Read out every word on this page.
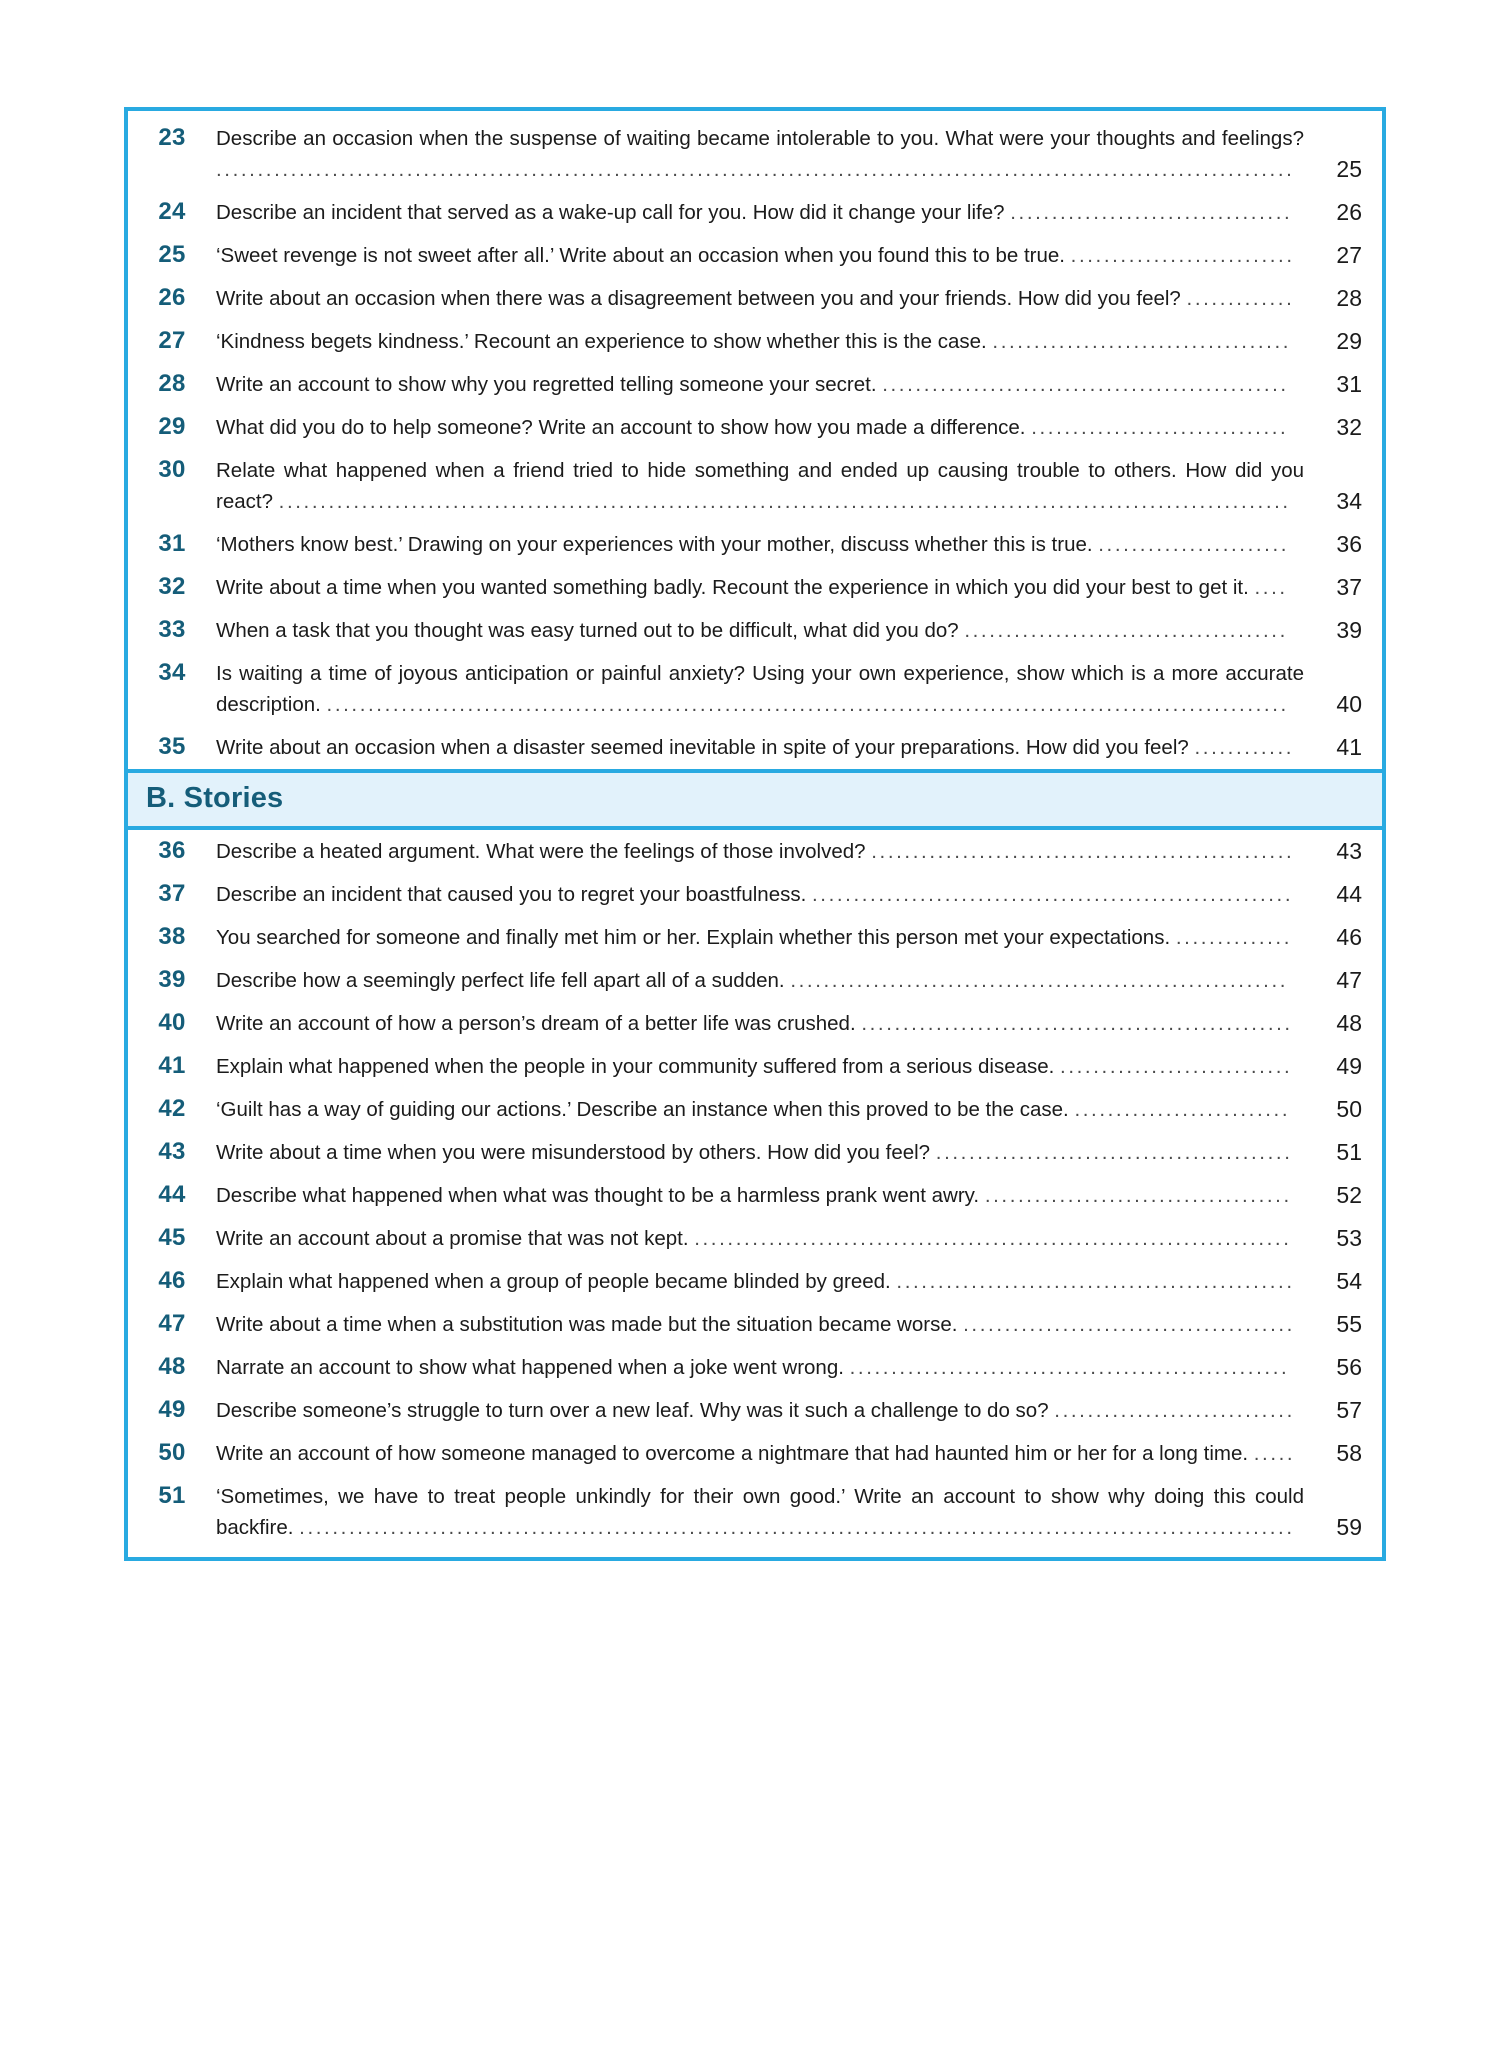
23	Describe an occasion when the suspense of waiting became intolerable to you. What were your thoughts and feelings? ..................................................................................................................................	25
24	Describe an incident that served as a wake-up call for you. How did it change your life? ..................................	26
25	‘Sweet revenge is not sweet after all.’ Write about an occasion when you found this to be true. ...........................	27
26	Write about an occasion when there was a disagreement between you and your friends. How did you feel? .............	28
27	‘Kindness begets kindness.’ Recount an experience to show whether this is the case. ....................................	29
28	Write an account to show why you regretted telling someone your secret. .................................................	31
29	What did you do to help someone? Write an account to show how you made a difference. ...............................	32
30	Relate what happened when a friend tried to hide something and ended up causing trouble to others. How did you react? ..........................................................................................................................	34
31	‘Mothers know best.’ Drawing on your experiences with your mother, discuss whether this is true. .......................	36
32	Write about a time when you wanted something badly. Recount the experience in which you did your best to get it. ....	37
33	When a task that you thought was easy turned out to be difficult, what did you do? .......................................	39
34	Is waiting a time of joyous anticipation or painful anxiety? Using your own experience, show which is a more accurate description. ....................................................................................................................	40
35	Write about an occasion when a disaster seemed inevitable in spite of your preparations. How did you feel? ............	41
B. Stories
36	Describe a heated argument. What were the feelings of those involved? ...................................................	43
37	Describe an incident that caused you to regret your boastfulness. ..........................................................	44
38	You searched for someone and finally met him or her. Explain whether this person met your expectations. ..............	46
39	Describe how a seemingly perfect life fell apart all of a sudden. ............................................................	47
40	Write an account of how a person’s dream of a better life was crushed. ....................................................	48
41	Explain what happened when the people in your community suffered from a serious disease. ............................	49
42	‘Guilt has a way of guiding our actions.’ Describe an instance when this proved to be the case. ..........................	50
43	Write about a time when you were misunderstood by others. How did you feel? ...........................................	51
44	Describe what happened when what was thought to be a harmless prank went awry. .....................................	52
45	Write an account about a promise that was not kept. ........................................................................	53
46	Explain what happened when a group of people became blinded by greed. ................................................	54
47	Write about a time when a substitution was made but the situation became worse. ........................................	55
48	Narrate an account to show what happened when a joke went wrong. .....................................................	56
49	Describe someone’s struggle to turn over a new leaf. Why was it such a challenge to do so? .............................	57
50	Write an account of how someone managed to overcome a nightmare that had haunted him or her for a long time. .....	58
51	‘Sometimes, we have to treat people unkindly for their own good.’ Write an account to show why doing this could backfire. ........................................................................................................................	59
